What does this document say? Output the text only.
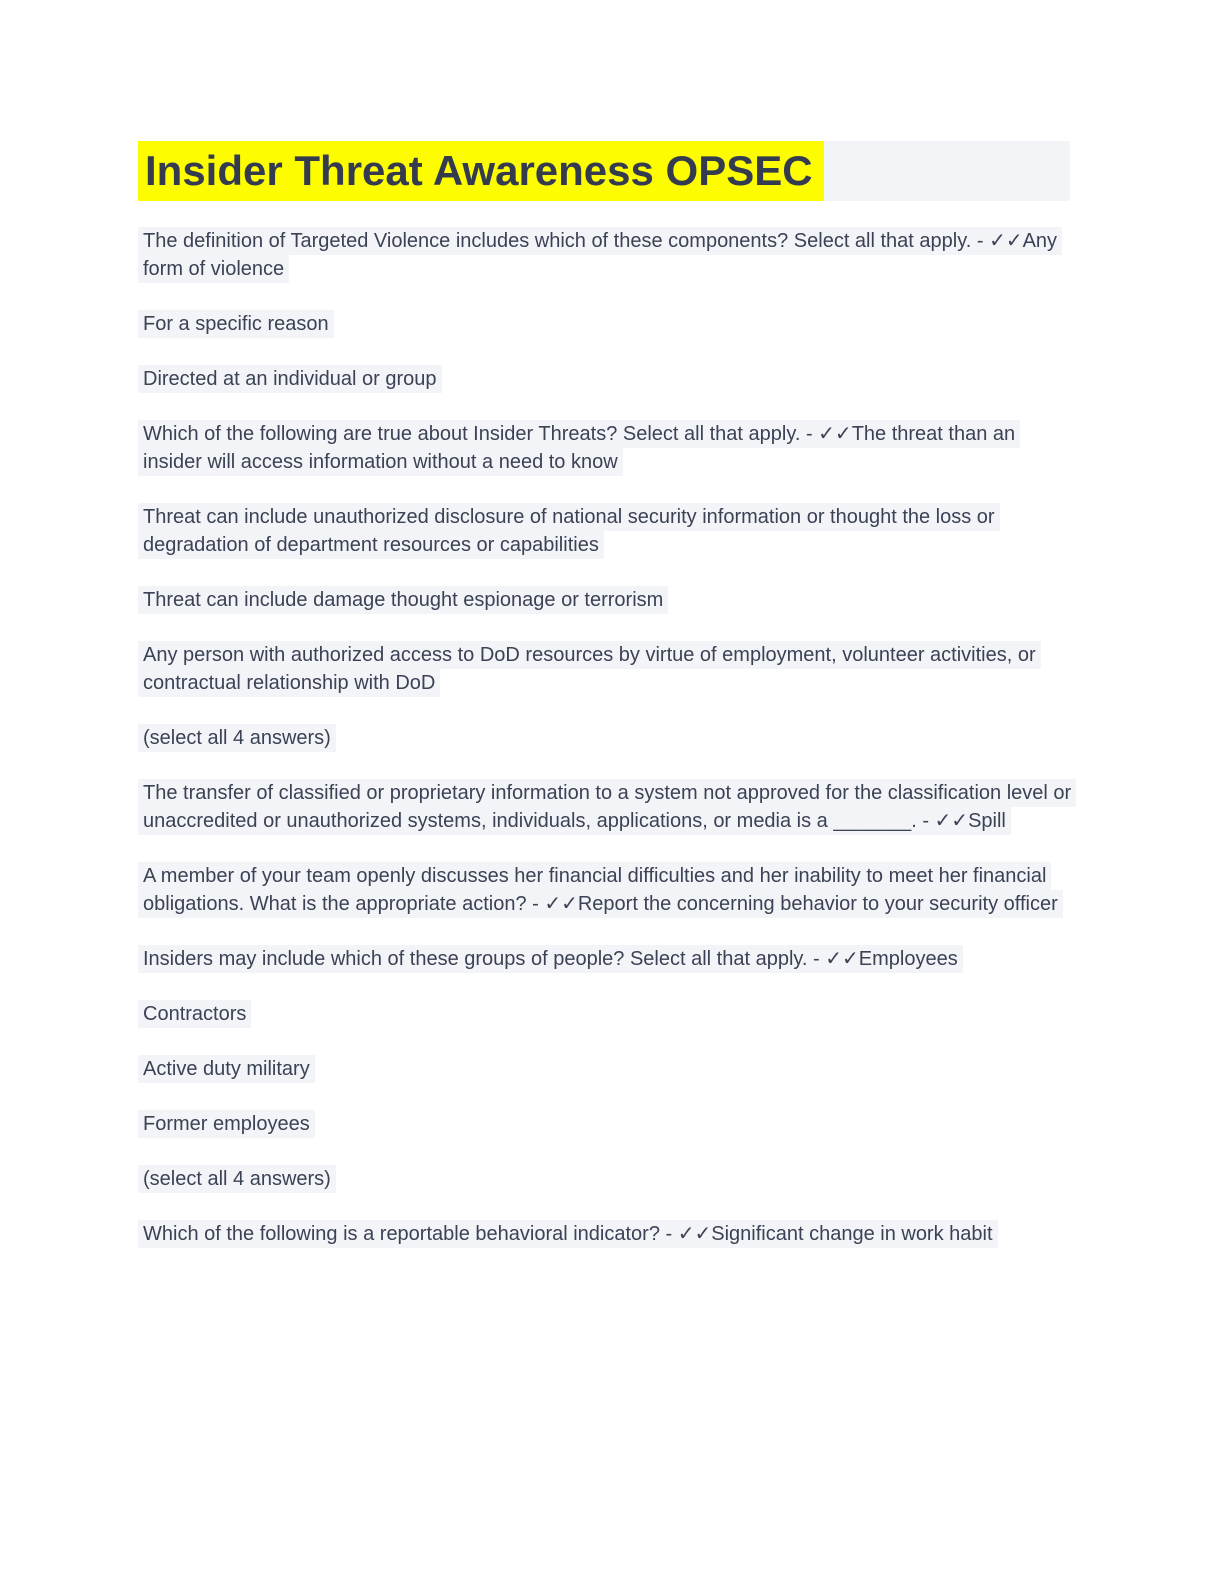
Insider Threat Awareness OPSEC

The definition of Targeted Violence includes which of these components? Select all that apply. - ✓✓Any form of violence

For a specific reason

Directed at an individual or group

Which of the following are true about Insider Threats? Select all that apply. - ✓✓The threat than an insider will access information without a need to know

Threat can include unauthorized disclosure of national security information or thought the loss or degradation of department resources or capabilities

Threat can include damage thought espionage or terrorism

Any person with authorized access to DoD resources by virtue of employment, volunteer activities, or contractual relationship with DoD

(select all 4 answers)

The transfer of classified or proprietary information to a system not approved for the classification level or unaccredited or unauthorized systems, individuals, applications, or media is a _______. - ✓✓Spill

A member of your team openly discusses her financial difficulties and her inability to meet her financial obligations. What is the appropriate action? - ✓✓Report the concerning behavior to your security officer

Insiders may include which of these groups of people? Select all that apply. - ✓✓Employees

Contractors

Active duty military

Former employees

(select all 4 answers)

Which of the following is a reportable behavioral indicator? - ✓✓Significant change in work habit
